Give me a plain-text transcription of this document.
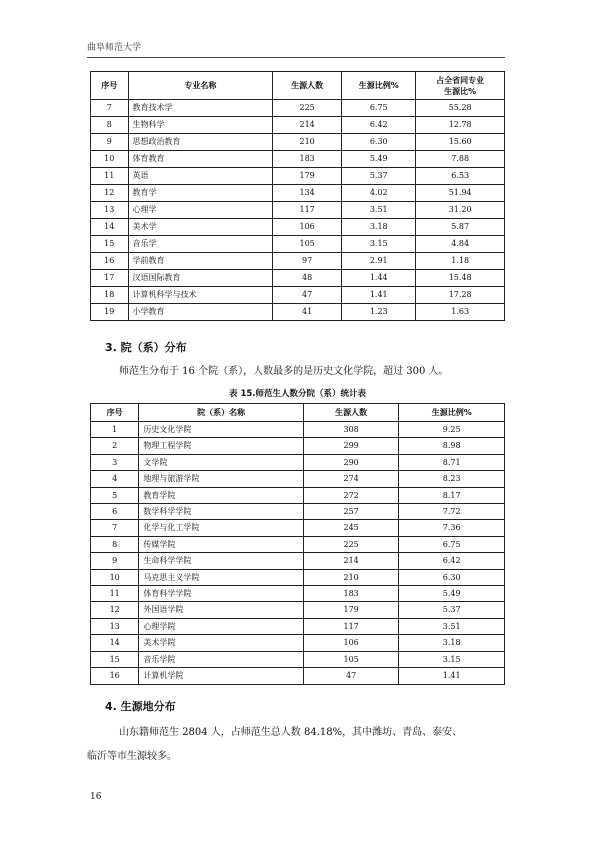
曲阜师范大学
序号	专业名称	生源人数	生源比例%	占全省同专业
生源比%
7	教育技术学	225	6.75	55.28
8	生物科学	214	6.42	12.78
9	思想政治教育	210	6.30	15.60
10	体育教育	183	5.49	7.88
11	英语	179	5.37	6.53
12	教育学	134	4.02	51.94
13	心理学	117	3.51	31.20
14	美术学	106	3.18	5.87
15	音乐学	105	3.15	4.84
16	学前教育	97	2.91	1.18
17	汉语国际教育	48	1.44	15.48
18	计算机科学与技术	47	1.41	17.28
19	小学教育	41	1.23	1.63
3. 院（系）分布
师范生分布于 16 个院（系），人数最多的是历史文化学院，超过 300 人。
表 15.师范生人数分院（系）统计表
序号	院（系）名称	生源人数	生源比例%
1	历史文化学院	308	9.25
2	物理工程学院	299	8.98
3	文学院	290	8.71
4	地理与旅游学院	274	8.23
5	教育学院	272	8.17
6	数学科学学院	257	7.72
7	化学与化工学院	245	7.36
8	传媒学院	225	6.75
9	生命科学学院	214	6.42
10	马克思主义学院	210	6.30
11	体育科学学院	183	5.49
12	外国语学院	179	5.37
13	心理学院	117	3.51
14	美术学院	106	3.18
15	音乐学院	105	3.15
16	计算机学院	47	1.41
4. 生源地分布
山东籍师范生 2804 人，占师范生总人数 84.18%，其中潍坊、青岛、泰安、
临沂等市生源较多。
16
